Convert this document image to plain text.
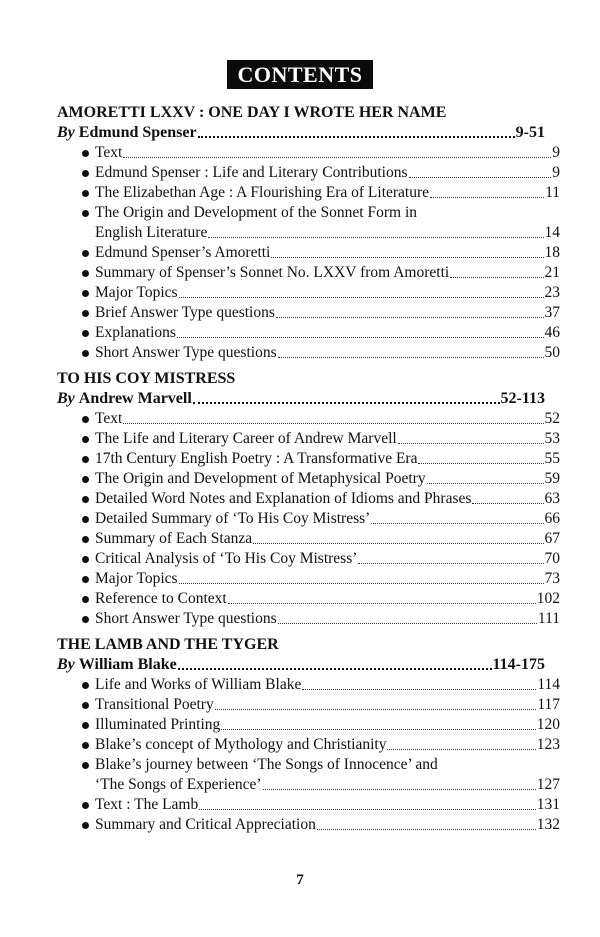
CONTENTS
AMORETTI LXXV : ONE DAY I WROTE HER NAME
By Edmund Spenser	9-51
Text	9
Edmund Spenser : Life and Literary Contributions	9
The Elizabethan Age : A Flourishing Era of Literature	11
The Origin and Development of the Sonnet Form in
English Literature	14
Edmund Spenser’s Amoretti	18
Summary of Spenser’s Sonnet No. LXXV from Amoretti	21
Major Topics	23
Brief Answer Type questions	37
Explanations	46
Short Answer Type questions	50
TO HIS COY MISTRESS
By Andrew Marvell	52-113
Text	52
The Life and Literary Career of Andrew Marvell	53
17th Century English Poetry : A Transformative Era	55
The Origin and Development of Metaphysical Poetry	59
Detailed Word Notes and Explanation of Idioms and Phrases	63
Detailed Summary of ‘To His Coy Mistress’	66
Summary of Each Stanza	67
Critical Analysis of ‘To His Coy Mistress’	70
Major Topics	73
Reference to Context	102
Short Answer Type questions	111
THE LAMB AND THE TYGER
By William Blake	114-175
Life and Works of William Blake	114
Transitional Poetry	117
Illuminated Printing	120
Blake’s concept of Mythology and Christianity	123
Blake’s journey between ‘The Songs of Innocence’ and
‘The Songs of Experience’	127
Text : The Lamb	131
Summary and Critical Appreciation	132
7
